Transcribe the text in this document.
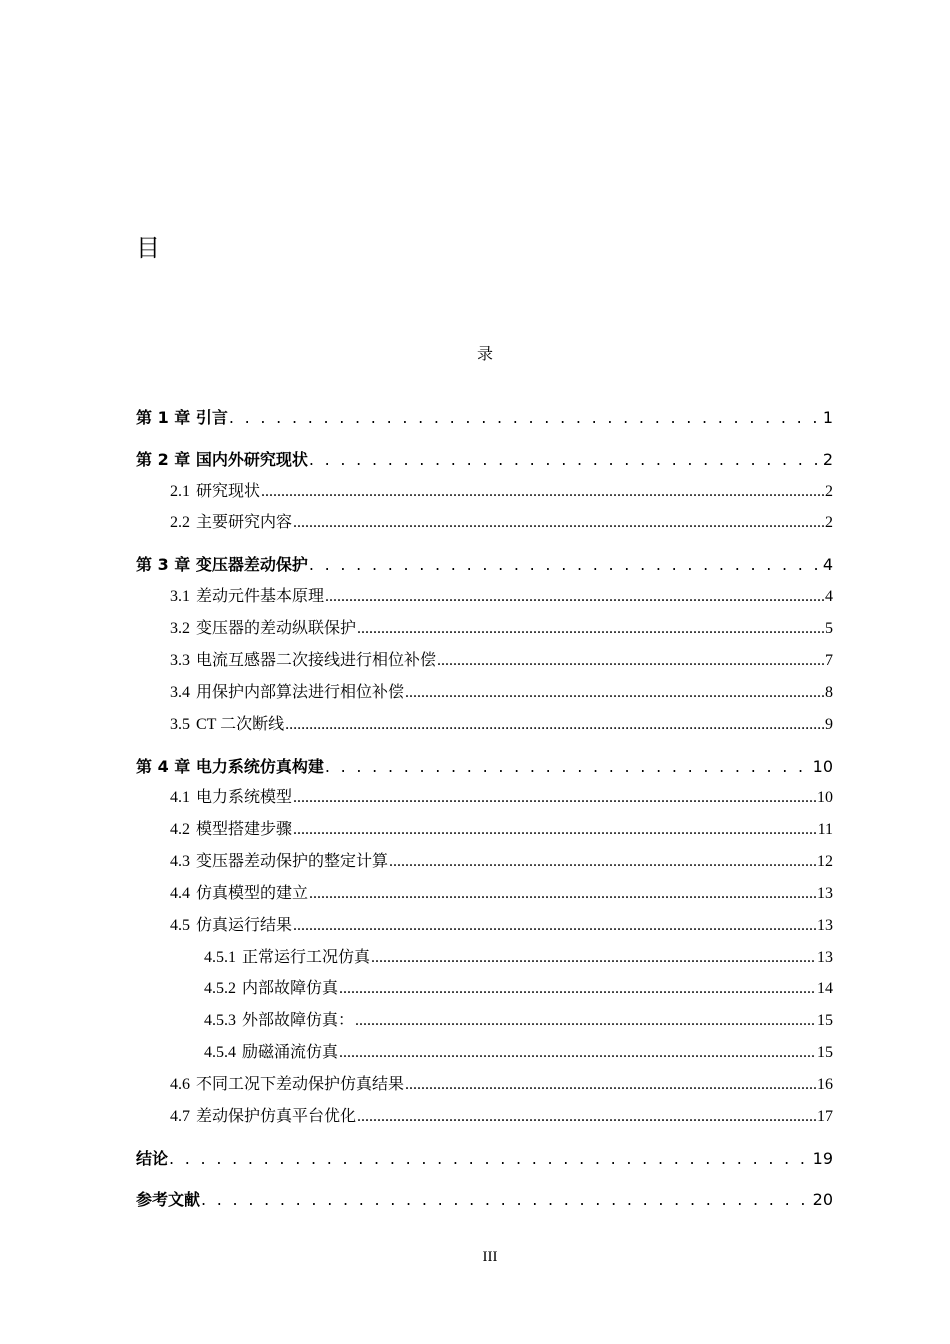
目
录
第 1 章 引言 . . .	1
第 2 章 国内外研究现状 . . .	2
2.1 研究现状 .....	2
2.2 主要研究内容 .....	2
第 3 章 变压器差动保护 . . .	4
3.1 差动元件基本原理 .....	4
3.2 变压器的差动纵联保护 .....	5
3.3 电流互感器二次接线进行相位补偿 .....	7
3.4 用保护内部算法进行相位补偿 .....	8
3.5 CT 二次断线 .....	9
第 4 章 电力系统仿真构建 . . .	10
4.1 电力系统模型 .....	10
4.2 模型搭建步骤 .....	11
4.3 变压器差动保护的整定计算 .....	12
4.4 仿真模型的建立 .....	13
4.5 仿真运行结果 .....	13
4.5.1 正常运行工况仿真 .....	13
4.5.2 内部故障仿真 .....	14
4.5.3 外部故障仿真： .....	15
4.5.4 励磁涌流仿真 .....	15
4.6 不同工况下差动保护仿真结果 .....	16
4.7 差动保护仿真平台优化 .....	17
结论 . . .	19
参考文献 . . .	20
III
